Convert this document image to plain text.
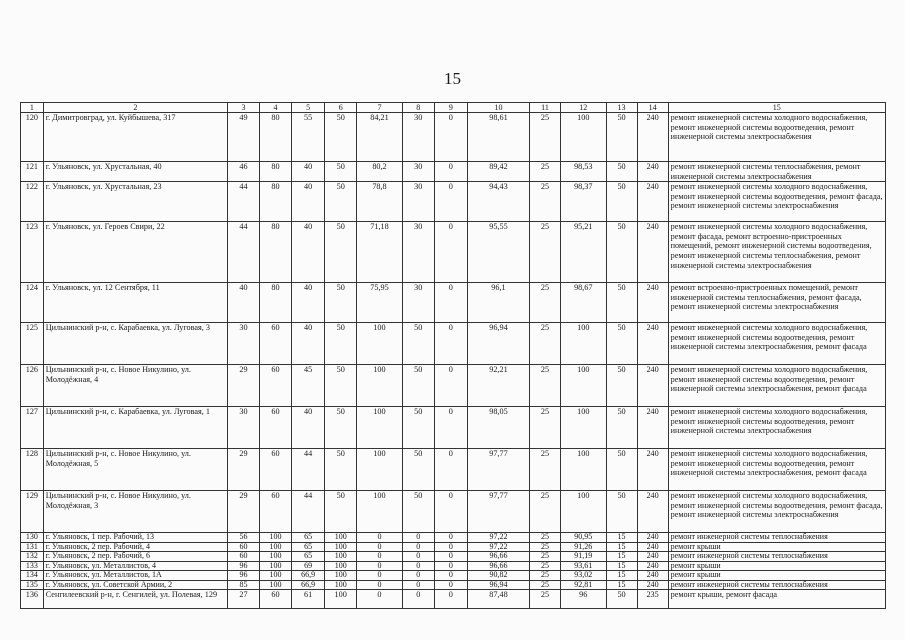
15
1	2	3	4	5	6	7	8	9	10	11	12	13	14	15
120	г. Димитровград, ул. Куйбышева, 317	49	80	55	50	84,21	30	0	98,61	25	100	50	240	ремонт инженерной системы холодного водоснабжения, ремонт инженерной системы водоотведения, ремонт инженерной системы электроснабжения
121	г. Ульяновск, ул. Хрустальная, 40	46	80	40	50	80,2	30	0	89,42	25	98,53	50	240	ремонт инженерной системы теплоснабжения, ремонт инженерной системы электроснабжения
122	г. Ульяновск, ул. Хрустальная, 23	44	80	40	50	78,8	30	0	94,43	25	98,37	50	240	ремонт инженерной системы холодного водоснабжения, ремонт инженерной системы водоотведения, ремонт фасада, ремонт инженерной системы электроснабжения
123	г. Ульяновск, ул. Героев Свири, 22	44	80	40	50	71,18	30	0	95,55	25	95,21	50	240	ремонт инженерной системы холодного водоснабжения, ремонт фасада, ремонт встроенно-пристроенных помещений, ремонт инженерной системы водоотведения, ремонт инженерной системы теплоснабжения, ремонт инженерной системы электроснабжения
124	г. Ульяновск, ул. 12 Сентября, 11	40	80	40	50	75,95	30	0	96,1	25	98,67	50	240	ремонт встроенно-пристроенных помещений, ремонт инженерной системы теплоснабжения, ремонт фасада, ремонт инженерной системы электроснабжения
125	Цильнинский р-н, с. Карабаевка, ул. Луговая, 3	30	60	40	50	100	50	0	96,94	25	100	50	240	ремонт инженерной системы холодного водоснабжения, ремонт инженерной системы водоотведения, ремонт инженерной системы электроснабжения, ремонт фасада
126	Цильнинский р-н, с. Новое Никулино, ул. Молодёжная, 4	29	60	45	50	100	50	0	92,21	25	100	50	240	ремонт инженерной системы холодного водоснабжения, ремонт инженерной системы водоотведения, ремонт инженерной системы электроснабжения, ремонт фасада
127	Цильнинский р-н, с. Карабаевка, ул. Луговая, 1	30	60	40	50	100	50	0	98,05	25	100	50	240	ремонт инженерной системы холодного водоснабжения, ремонт инженерной системы водоотведения, ремонт инженерной системы электроснабжения
128	Цильнинский р-н, с. Новое Никулино, ул. Молодёжная, 5	29	60	44	50	100	50	0	97,77	25	100	50	240	ремонт инженерной системы холодного водоснабжения, ремонт инженерной системы водоотведения, ремонт инженерной системы электроснабжения, ремонт фасада
129	Цильнинский р-н, с. Новое Никулино, ул. Молодёжная, 3	29	60	44	50	100	50	0	97,77	25	100	50	240	ремонт инженерной системы холодного водоснабжения, ремонт инженерной системы водоотведения, ремонт фасада, ремонт инженерной системы электроснабжения
130	г. Ульяновск, 1 пер. Рабочий, 13	56	100	65	100	0	0	0	97,22	25	90,95	15	240	ремонт инженерной системы теплоснабжения
131	г. Ульяновск, 2 пер. Рабочий, 4	60	100	65	100	0	0	0	97,22	25	91,26	15	240	ремонт крыши
132	г. Ульяновск, 2 пер. Рабочий, 6	60	100	65	100	0	0	0	96,66	25	91,19	15	240	ремонт инженерной системы теплоснабжения
133	г. Ульяновск, ул. Металлистов, 4	96	100	69	100	0	0	0	96,66	25	93,61	15	240	ремонт крыши
134	г. Ульяновск, ул. Металлистов, 1А	96	100	66,9	100	0	0	0	90,82	25	93,02	15	240	ремонт крыши
135	г. Ульяновск, ул. Советской Армии, 2	85	100	66,9	100	0	0	0	96,94	25	92,81	15	240	ремонт инженерной системы теплоснабжения
136	Сенгилеевский р-н, г. Сенгилей, ул. Полевая, 129	27	60	61	100	0	0	0	87,48	25	96	50	235	ремонт крыши, ремонт фасада
